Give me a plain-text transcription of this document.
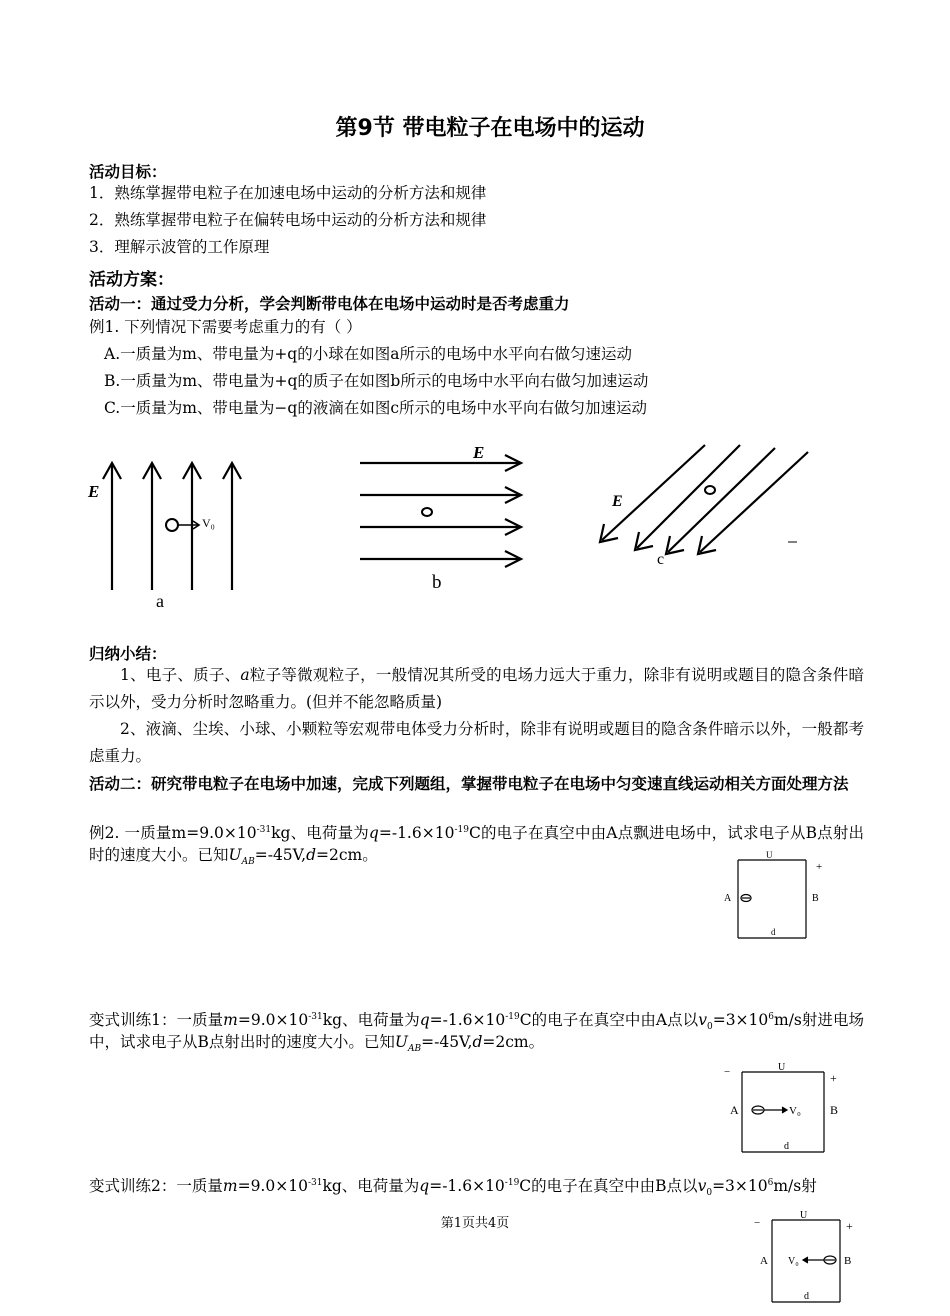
第9节 带电粒子在电场中的运动
活动目标：
1．熟练掌握带电粒子在加速电场中运动的分析方法和规律
2．熟练掌握带电粒子在偏转电场中运动的分析方法和规律
3．理解示波管的工作原理
活动方案：
活动一：通过受力分析，学会判断带电体在电场中运动时是否考虑重力
例1. 下列情况下需要考虑重力的有（ ）
A.一质量为m、带电量为+q的小球在如图a所示的电场中水平向右做匀速运动
B.一质量为m、带电量为+q的质子在如图b所示的电场中水平向右做匀加速运动
C.一质量为m、带电量为−q的液滴在如图c所示的电场中水平向右做匀加速运动
E
V₀
a
E
b
E
c
归纳小结：
1、电子、质子、a粒子等微观粒子，一般情况其所受的电场力远大于重力，除非有说明或题目的隐含条件暗示以外，受力分析时忽略重力。(但并不能忽略质量)
2、液滴、尘埃、小球、小颗粒等宏观带电体受力分析时，除非有说明或题目的隐含条件暗示以外，一般都考虑重力。
活动二：研究带电粒子在电场中加速，完成下列题组，掌握带电粒子在电场中匀变速直线运动相关方面处理方法
例2. 一质量$m=9.0\times 10^{-31}kg$、电荷量为$q=-1.6\times 10^{-19}C$的电子在真空中由A点飘进电场中，试求电子从B点射出时的速度大小。已知$U_{AB}=-45V,d=2cm$。	U
+
A	B
d
变式训练1：一质量$m=9.0\times 10^{-31}kg$、电荷量为$q=-1.6\times 10^{-19}C$的电子在真空中由A点以$v_0=3\times 10^6m/s$射进电场中，试求电子从B点射出时的速度大小。已知$U_{AB}=-45V,d=2cm$。
−	U
+
A	V₀ B
d
变式训练2：一质量$m=9.0\times 10^{-31}kg$、电荷量为$q=-1.6\times 10^{-19}C$的电子在真空中由B点以$v_0=3\times 10^6m/s$射
−
U
+
A V₀	B
d
第1页共4页
